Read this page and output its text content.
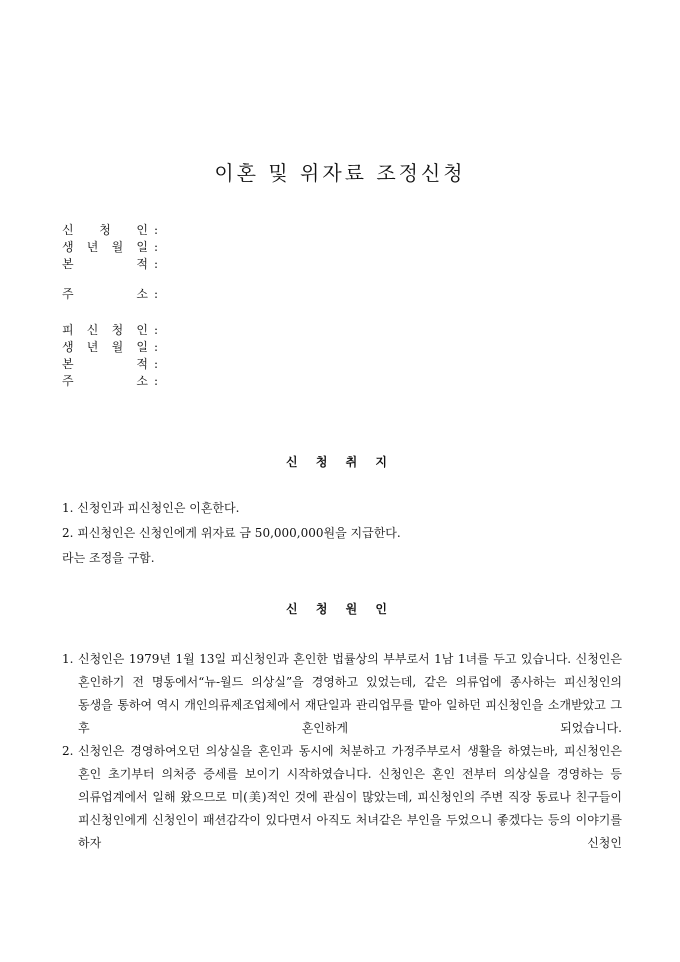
이혼 및 위자료 조정신청
신 청 인 :
생 년 월 일 :
본	적 :
주	소 :
피 신 청 인 :
생 년 월 일 :
본	적 :
주	소 :
신 청 취 지

1. 신청인과 피신청인은 이혼한다.

2. 피신청인은 신청인에게 위자료 금 50,000,000원을 지급한다.

라는 조정을 구함.

신 청 원 인
1. 신청인은 1979년 1월 13일 피신청인과 혼인한 법률상의 부부로서 1남 1녀를 두고 있습니다. 신청인은 혼인하기 전 명동에서“뉴-월드 의상실”을 경영하고 있었는데, 같은 의류업에 종사하는 피신청인의 동생을 통하여 역시 개인의류제조업체에서 재단일과 관리업무를 맡아 일하던 피신청인을 소개받았고 그 후 혼인하게 되었습니다.
2. 신청인은 경영하여오던 의상실을 혼인과 동시에 처분하고 가정주부로서 생활을 하였는바, 피신청인은 혼인 초기부터 의처증 증세를 보이기 시작하였습니다. 신청인은 혼인 전부터 의상실을 경영하는 등 의류업계에서 일해 왔으므로 미(美)적인 것에 관심이 많았는데, 피신청인의 주변 직장 동료나 친구들이 피신청인에게 신청인이 패션감각이 있다면서 아직도 처녀같은 부인을 두었으니 좋겠다는 등의 이야기를 하자 신청인
